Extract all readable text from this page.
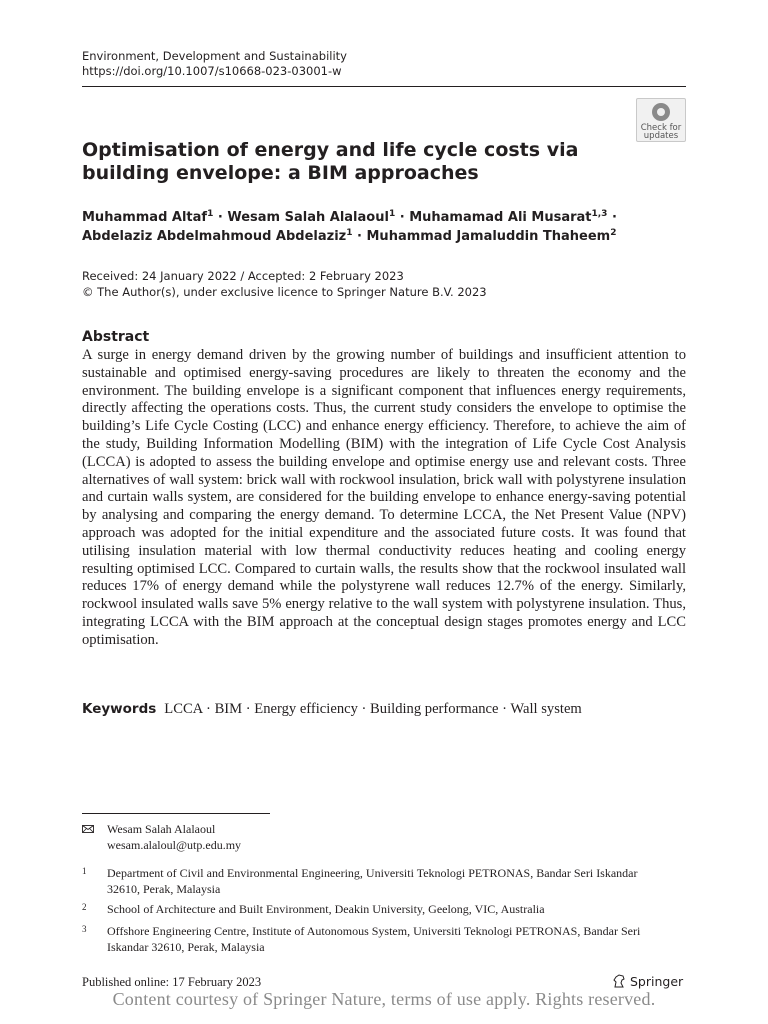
Environment, Development and Sustainability
https://doi.org/10.1007/s10668-023-03001-w
Check for
updates
Optimisation of energy and life cycle costs via building envelope: a BIM approaches
Muhammad Altaf$^1$ · Wesam Salah Alalaoul$^1$ · Muhamamad Ali Musarat$^{1,3}$ ·
Abdelaziz Abdelmahmoud Abdelaziz$^1$ · Muhammad Jamaluddin Thaheem$^2$
Received: 24 January 2022 / Accepted: 2 February 2023
© The Author(s), under exclusive licence to Springer Nature B.V. 2023
Abstract
A surge in energy demand driven by the growing number of buildings and insufficient attention to sustainable and optimised energy-saving procedures are likely to threaten the economy and the environment. The building envelope is a significant component that influences energy requirements, directly affecting the operations costs. Thus, the current study considers the envelope to optimise the building’s Life Cycle Costing (LCC) and enhance energy efficiency. Therefore, to achieve the aim of the study, Building Information Modelling (BIM) with the integration of Life Cycle Cost Analysis (LCCA) is adopted to assess the building envelope and optimise energy use and relevant costs. Three alternatives of wall system: brick wall with rockwool insulation, brick wall with polystyrene insulation and curtain walls system, are considered for the building envelope to enhance energy-saving potential by analysing and comparing the energy demand. To determine LCCA, the Net Present Value (NPV) approach was adopted for the initial expenditure and the associated future costs. It was found that utilising insulation material with low thermal conductivity reduces heating and cooling energy resulting optimised LCC. Compared to curtain walls, the results show that the rockwool insulated wall reduces 17% of energy demand while the polystyrene wall reduces 12.7% of the energy. Similarly, rockwool insulated walls save 5% energy relative to the wall system with polystyrene insulation. Thus, integrating LCCA with the BIM approach at the conceptual design stages promotes energy and LCC optimisation.
Keywords LCCA · BIM · Energy efficiency · Building performance · Wall system
Wesam Salah Alalaoul
wesam.alaloul@utp.edu.my
1 Department of Civil and Environmental Engineering, Universiti Teknologi PETRONAS, Bandar Seri Iskandar 32610, Perak, Malaysia
2 School of Architecture and Built Environment, Deakin University, Geelong, VIC, Australia
3 Offshore Engineering Centre, Institute of Autonomous System, Universiti Teknologi PETRONAS, Bandar Seri Iskandar 32610, Perak, Malaysia
Published online: 17 February 2023	Springer
Content courtesy of Springer Nature, terms of use apply. Rights reserved.
